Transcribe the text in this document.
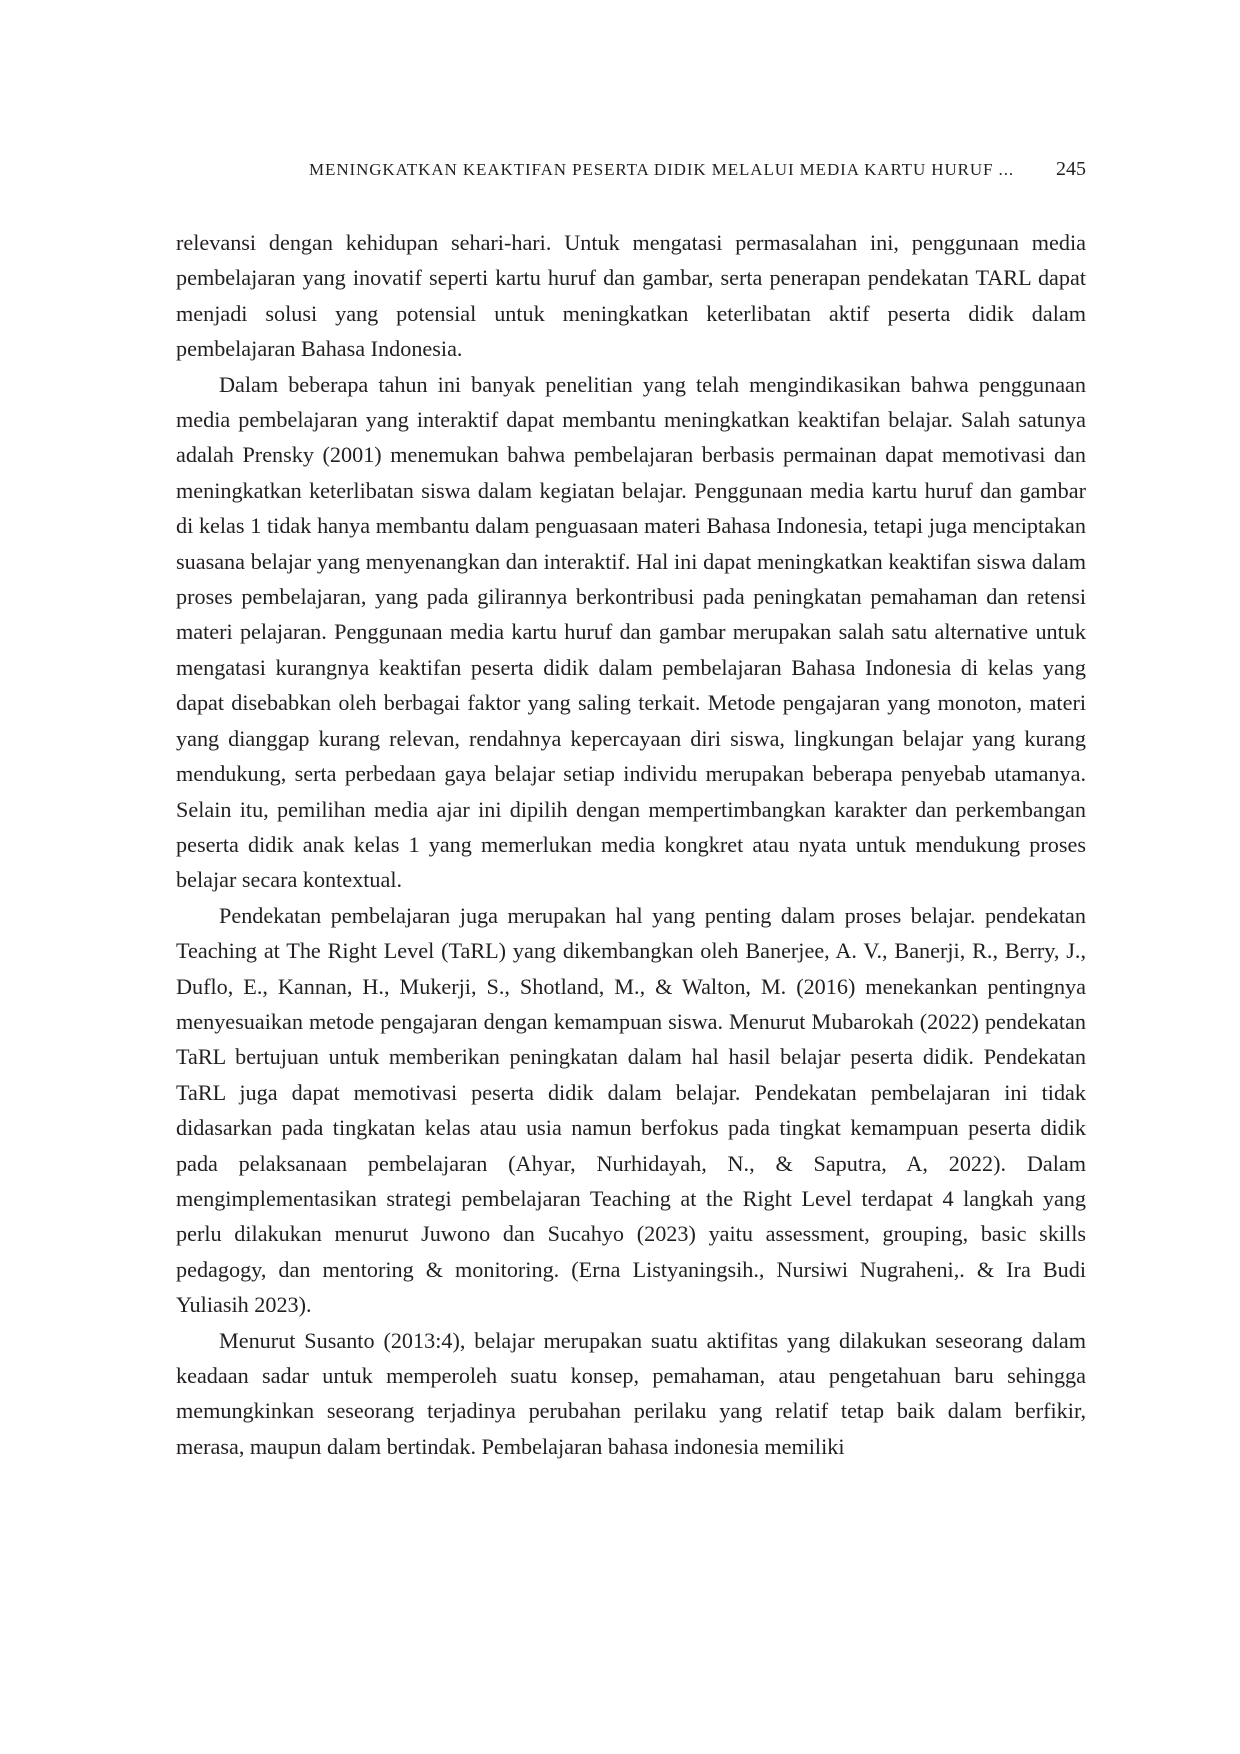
MENINGKATKAN KEAKTIFAN PESERTA DIDIK MELALUI MEDIA KARTU HURUF ... 245

relevansi dengan kehidupan sehari-hari. Untuk mengatasi permasalahan ini, penggunaan media pembelajaran yang inovatif seperti kartu huruf dan gambar, serta penerapan pendekatan TARL dapat menjadi solusi yang potensial untuk meningkatkan keterlibatan aktif peserta didik dalam pembelajaran Bahasa Indonesia.

Dalam beberapa tahun ini banyak penelitian yang telah mengindikasikan bahwa penggunaan media pembelajaran yang interaktif dapat membantu meningkatkan keaktifan belajar. Salah satunya adalah Prensky (2001) menemukan bahwa pembelajaran berbasis permainan dapat memotivasi dan meningkatkan keterlibatan siswa dalam kegiatan belajar. Penggunaan media kartu huruf dan gambar di kelas 1 tidak hanya membantu dalam penguasaan materi Bahasa Indonesia, tetapi juga menciptakan suasana belajar yang menyenangkan dan interaktif. Hal ini dapat meningkatkan keaktifan siswa dalam proses pembelajaran, yang pada gilirannya berkontribusi pada peningkatan pemahaman dan retensi materi pelajaran. Penggunaan media kartu huruf dan gambar merupakan salah satu alternative untuk mengatasi kurangnya keaktifan peserta didik dalam pembelajaran Bahasa Indonesia di kelas yang dapat disebabkan oleh berbagai faktor yang saling terkait. Metode pengajaran yang monoton, materi yang dianggap kurang relevan, rendahnya kepercayaan diri siswa, lingkungan belajar yang kurang mendukung, serta perbedaan gaya belajar setiap individu merupakan beberapa penyebab utamanya. Selain itu, pemilihan media ajar ini dipilih dengan mempertimbangkan karakter dan perkembangan peserta didik anak kelas 1 yang memerlukan media kongkret atau nyata untuk mendukung proses belajar secara kontextual.

Pendekatan pembelajaran juga merupakan hal yang penting dalam proses belajar. pendekatan Teaching at The Right Level (TaRL) yang dikembangkan oleh Banerjee, A. V., Banerji, R., Berry, J., Duflo, E., Kannan, H., Mukerji, S., Shotland, M., & Walton, M. (2016) menekankan pentingnya menyesuaikan metode pengajaran dengan kemampuan siswa. Menurut Mubarokah (2022) pendekatan TaRL bertujuan untuk memberikan peningkatan dalam hal hasil belajar peserta didik. Pendekatan TaRL juga dapat memotivasi peserta didik dalam belajar. Pendekatan pembelajaran ini tidak didasarkan pada tingkatan kelas atau usia namun berfokus pada tingkat kemampuan peserta didik pada pelaksanaan pembelajaran (Ahyar, Nurhidayah, N., & Saputra, A, 2022). Dalam mengimplementasikan strategi pembelajaran Teaching at the Right Level terdapat 4 langkah yang perlu dilakukan menurut Juwono dan Sucahyo (2023) yaitu assessment, grouping, basic skills pedagogy, dan mentoring & monitoring. (Erna Listyaningsih., Nursiwi Nugraheni,. & Ira Budi Yuliasih 2023).

Menurut Susanto (2013:4), belajar merupakan suatu aktifitas yang dilakukan seseorang dalam keadaan sadar untuk memperoleh suatu konsep, pemahaman, atau pengetahuan baru sehingga memungkinkan seseorang terjadinya perubahan perilaku yang relatif tetap baik dalam berfikir, merasa, maupun dalam bertindak. Pembelajaran bahasa indonesia memiliki
